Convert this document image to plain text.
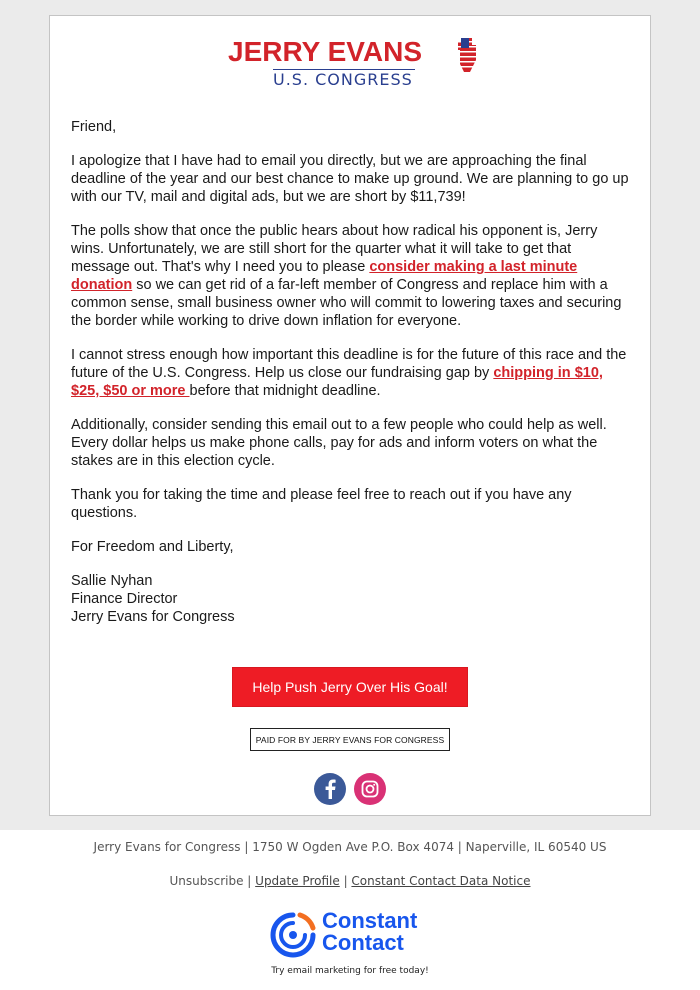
JERRY EVANS
U.S. CONGRESS

Friend,

I apologize that I have had to email you directly, but we are approaching the final deadline of the year and our best chance to make up ground. We are planning to go up with our TV, mail and digital ads, but we are short by $11,739!

The polls show that once the public hears about how radical his opponent is, Jerry wins. Unfortunately, we are still short for the quarter what it will take to get that message out. That's why I need you to please consider making a last minute donation so we can get rid of a far-left member of Congress and replace him with a common sense, small business owner who will commit to lowering taxes and securing the border while working to drive down inflation for everyone.

I cannot stress enough how important this deadline is for the future of this race and the future of the U.S. Congress. Help us close our fundraising gap by chipping in $10, $25, $50 or more before that midnight deadline.

Additionally, consider sending this email out to a few people who could help as well. Every dollar helps us make phone calls, pay for ads and inform voters on what the stakes are in this election cycle.

Thank you for taking the time and please feel free to reach out if you have any questions.

For Freedom and Liberty,

Sallie Nyhan
Finance Director
Jerry Evans for Congress
Help Push Jerry Over His Goal!
PAID FOR BY JERRY EVANS FOR CONGRESS
Jerry Evans for Congress | 1750 W Ogden Ave P.O. Box 4074 | Naperville, IL 60540 US
Unsubscribe | Update Profile | Constant Contact Data Notice
Constant
Contact
Try email marketing for free today!
